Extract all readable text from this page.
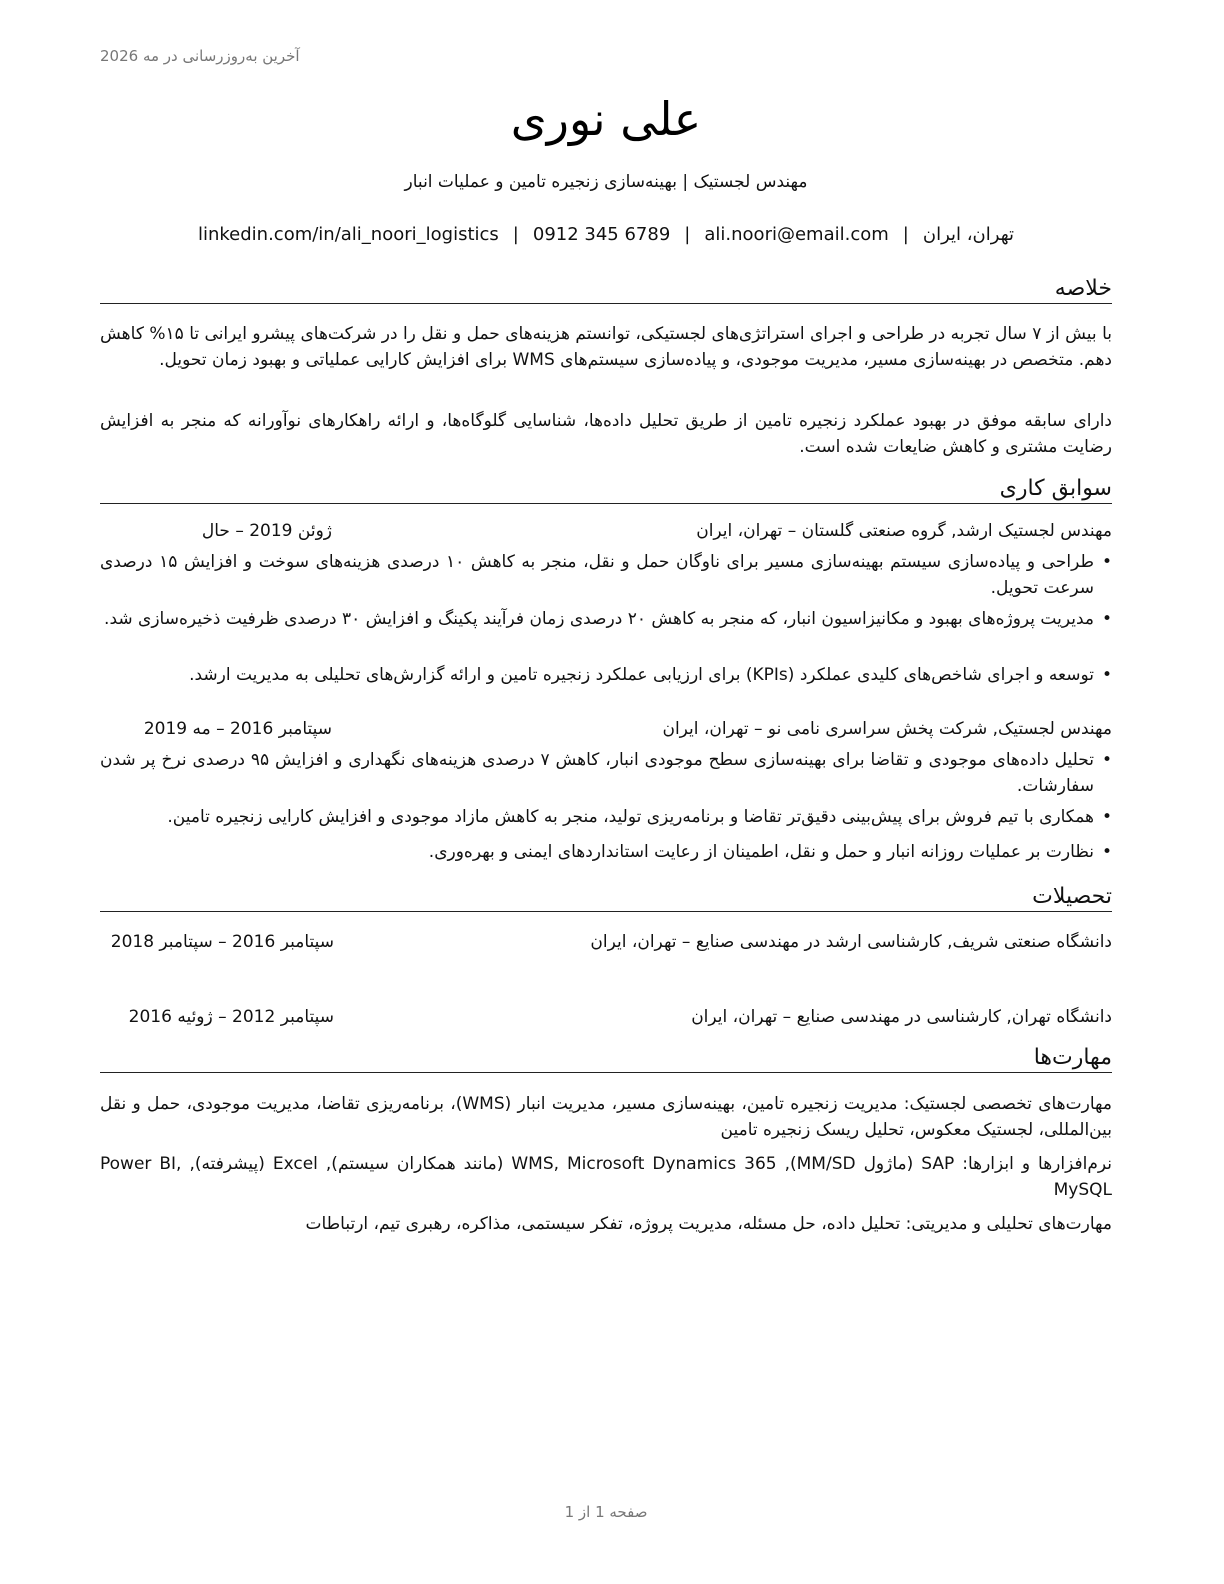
آخرین به‌روزرسانی در مه 2026
علی نوری
مهندس لجستیک | بهینه‌سازی زنجیره تامین و عملیات انبار
تهران، ایران|ali.noori@email.com|0912 345 6789|linkedin.com/in/ali_noori_logistics
خلاصه
با بیش از ۷ سال تجربه در طراحی و اجرای استراتژی‌های لجستیکی، توانستم هزینه‌های حمل و نقل را در شرکت‌های پیشرو ایرانی تا ۱۵% کاهش دهم. متخصص در بهینه‌سازی مسیر، مدیریت موجودی، و پیاده‌سازی سیستم‌های WMS برای افزایش کارایی عملیاتی و بهبود زمان تحویل.
دارای سابقه موفق در بهبود عملکرد زنجیره تامین از طریق تحلیل داده‌ها، شناسایی گلوگاه‌ها، و ارائه راهکارهای نوآورانه که منجر به افزایش رضایت مشتری و کاهش ضایعات شده است.
سوابق کاری
مهندس لجستیک ارشد, گروه صنعتی گلستان – تهران، ایران
ژوئن 2019 – حال
• طراحی و پیاده‌سازی سیستم بهینه‌سازی مسیر برای ناوگان حمل و نقل، منجر به کاهش ۱۰ درصدی هزینه‌های سوخت و افزایش ۱۵ درصدی سرعت تحویل.
• مدیریت پروژه‌های بهبود و مکانیزاسیون انبار، که منجر به کاهش ۲۰ درصدی زمان فرآیند پکینگ و افزایش ۳۰ درصدی ظرفیت ذخیره‌سازی شد.
• توسعه و اجرای شاخص‌های کلیدی عملکرد (KPIs) برای ارزیابی عملکرد زنجیره تامین و ارائه گزارش‌های تحلیلی به مدیریت ارشد.
مهندس لجستیک, شرکت پخش سراسری نامی نو – تهران، ایران
سپتامبر 2016 – مه 2019
• تحلیل داده‌های موجودی و تقاضا برای بهینه‌سازی سطح موجودی انبار، کاهش ۷ درصدی هزینه‌های نگهداری و افزایش ۹۵ درصدی نرخ پر شدن سفارشات.
• همکاری با تیم فروش برای پیش‌بینی دقیق‌تر تقاضا و برنامه‌ریزی تولید، منجر به کاهش مازاد موجودی و افزایش کارایی زنجیره تامین.
• نظارت بر عملیات روزانه انبار و حمل و نقل، اطمینان از رعایت استانداردهای ایمنی و بهره‌وری.
تحصیلات
دانشگاه صنعتی شریف, کارشناسی ارشد در مهندسی صنایع – تهران، ایران
سپتامبر 2016 – سپتامبر 2018
دانشگاه تهران, کارشناسی در مهندسی صنایع – تهران، ایران
سپتامبر 2012 – ژوئیه 2016
مهارت‌ها
مهارت‌های تخصصی لجستیک: مدیریت زنجیره تامین، بهینه‌سازی مسیر، مدیریت انبار (WMS)، برنامه‌ریزی تقاضا، مدیریت موجودی، حمل و نقل بین‌المللی، لجستیک معکوس، تحلیل ریسک زنجیره تامین
نرم‌افزارها و ابزارها: SAP (ماژول MM/SD), WMS, Microsoft Dynamics 365 (مانند همکاران سیستم), Excel (پیشرفته), Power BI, MySQL
مهارت‌های تحلیلی و مدیریتی: تحلیل داده، حل مسئله، مدیریت پروژه، تفکر سیستمی، مذاکره، رهبری تیم، ارتباطات
صفحه 1 از 1
